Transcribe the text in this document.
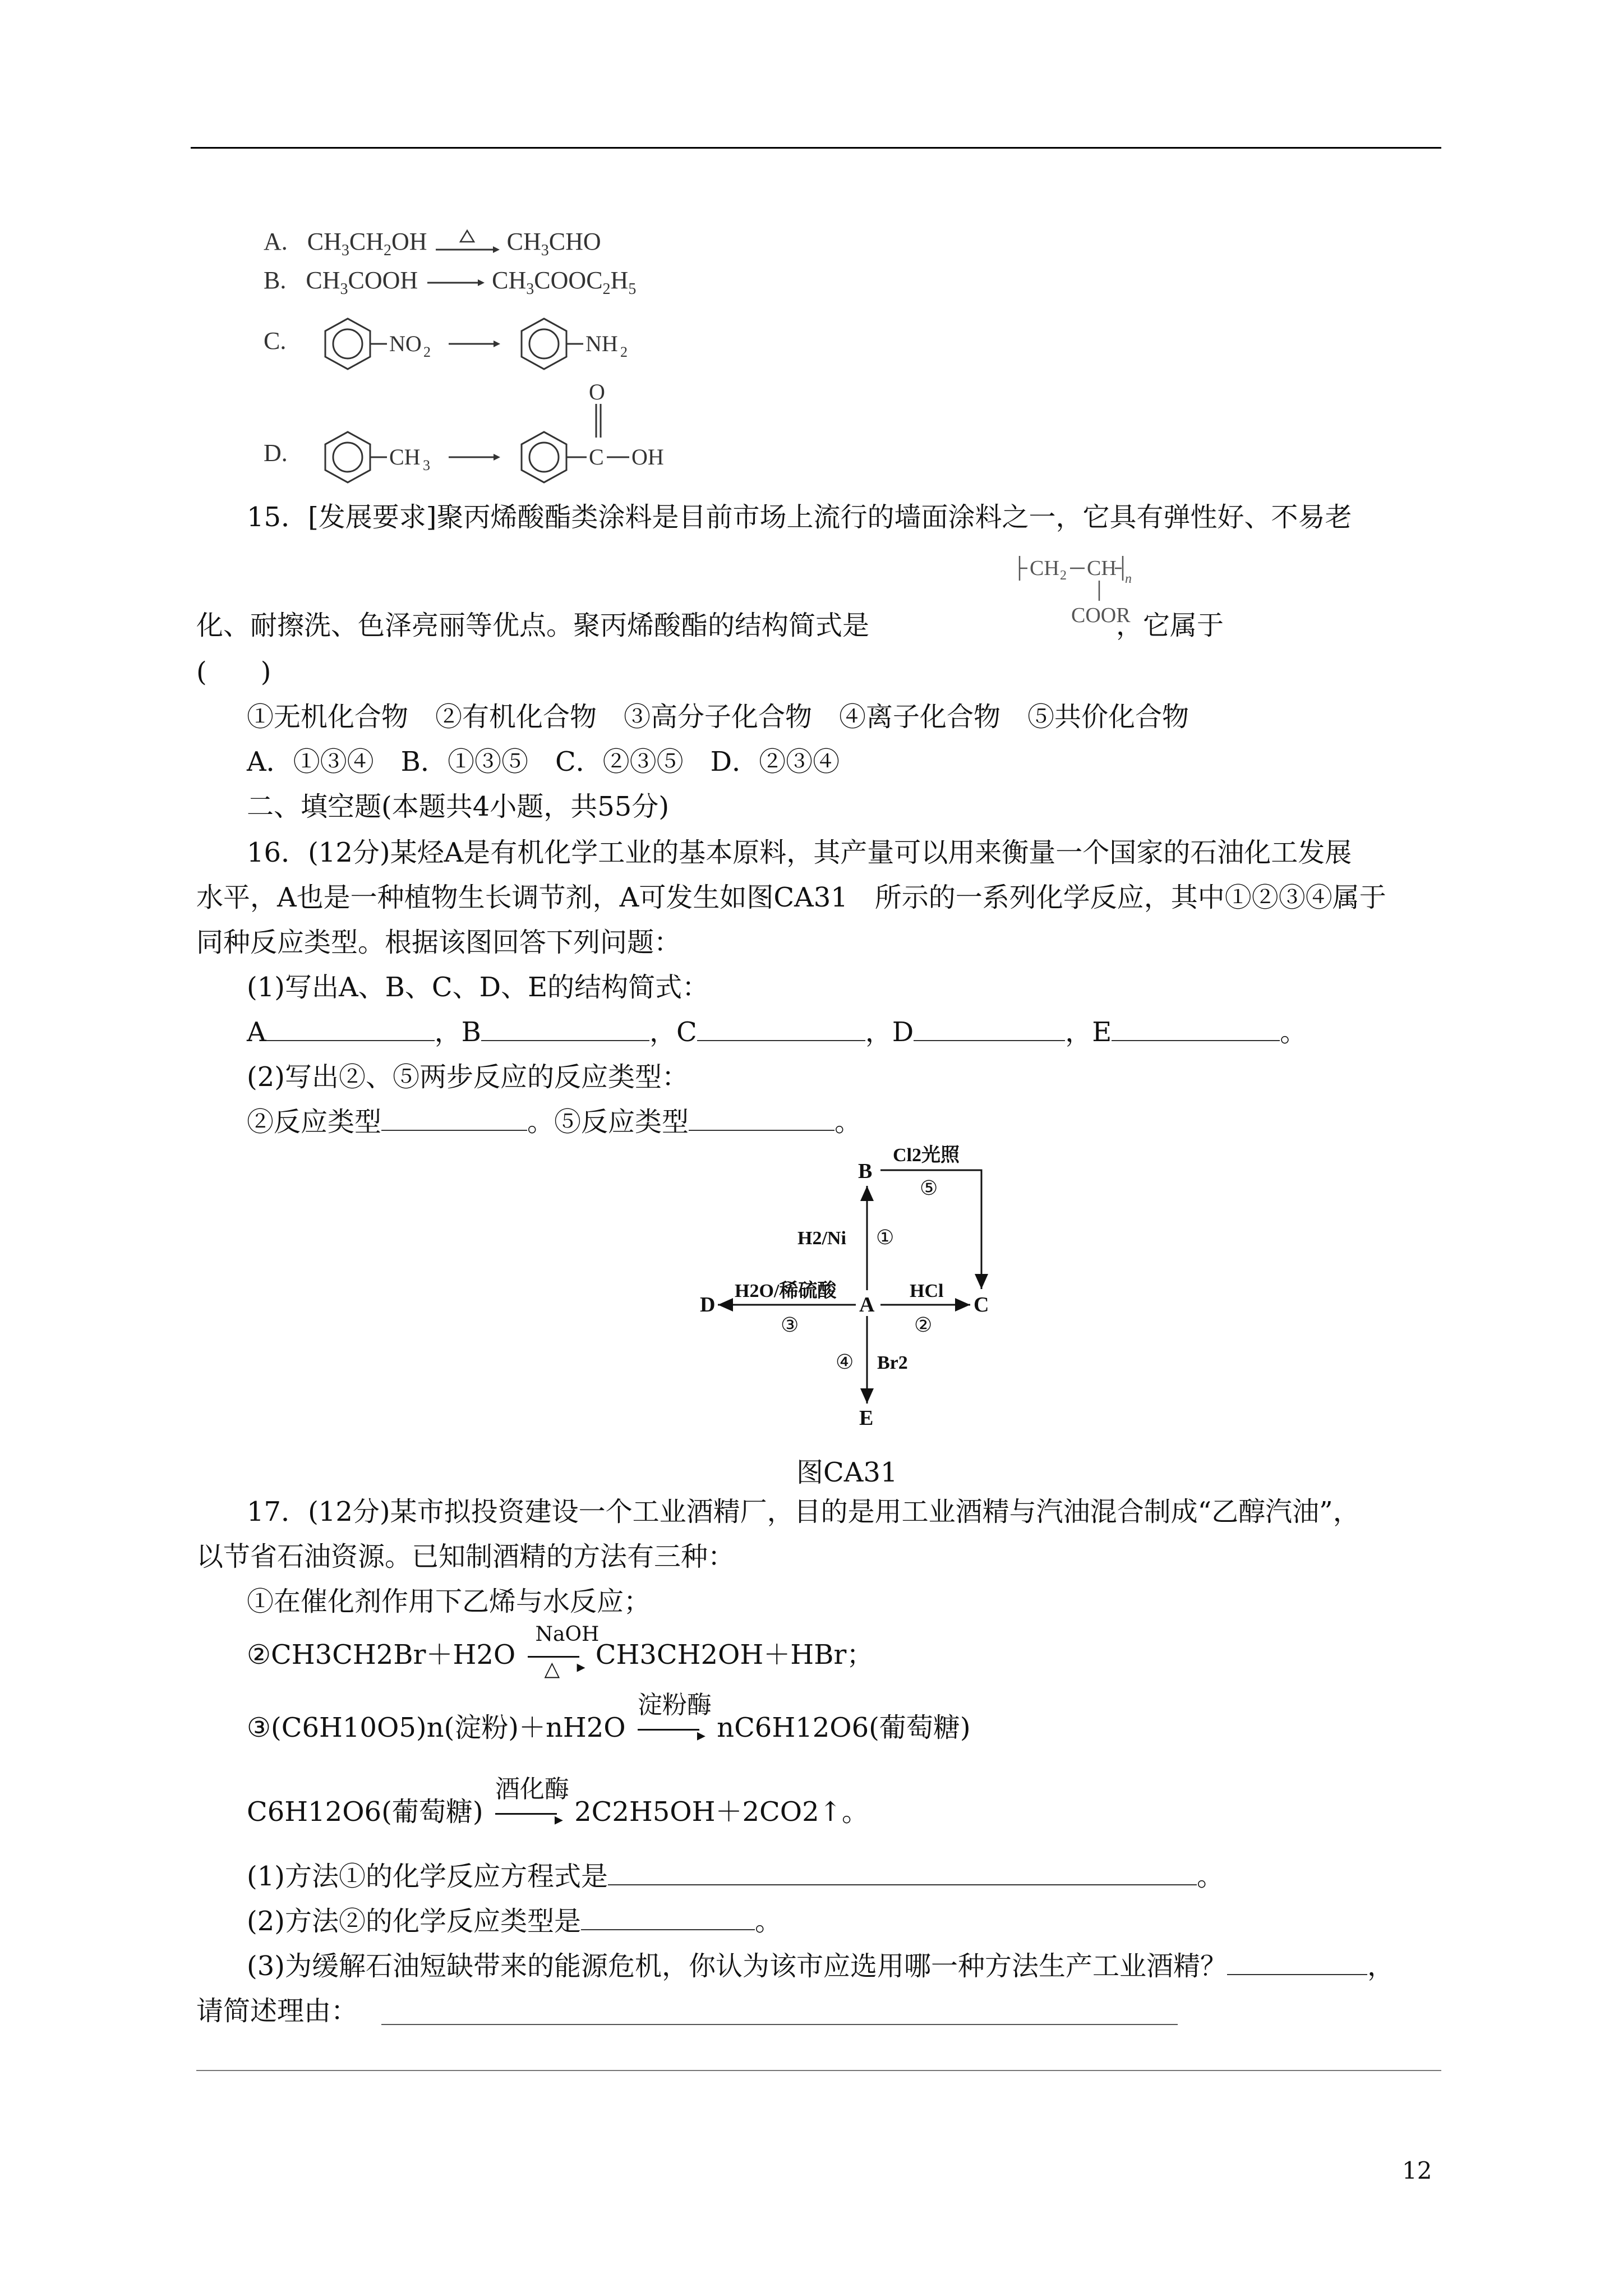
A. $CH_3CH_2OH$	$CH_3CHO$
B. $CH_3COOH$ → $CH_3COOC_2H_5$
C.	NO 2	NH 2
D.	CH 3	C
O
OH
15．[发展要求]聚丙烯酸酯类涂料是目前市场上流行的墙面涂料之一，它具有弹性好、不易老
CH 2 CH n
COOR
化、耐擦洗、色泽亮丽等优点。聚丙烯酸酯的结构简式是	，它属于
(　　)
①无机化合物　②有机化合物　③高分子化合物　④离子化合物　⑤共价化合物
A．①③④　B．①③⑤　C．②③⑤　D．②③④
二、填空题(本题共4小题，共55分)
16．(12分)某烃A是有机化学工业的基本原料，其产量可以用来衡量一个国家的石油化工发展
水平，A也是一种植物生长调节剂，A可发生如图CA31　所示的一系列化学反应，其中①②③④属于
同种反应类型。根据该图回答下列问题：
(1)写出A、B、C、D、E的结构简式：
A	，B	，C	，D	，E	。
(2)写出②、⑤两步反应的反应类型：
②反应类型	。⑤反应类型	。
B
A	C
D
E
H2/Ni ①
Cl2光照
⑤
HCl
②
H2O/稀硫酸
③
④ Br2
图CA31
17．(12分)某市拟投资建设一个工业酒精厂，目的是用工业酒精与汽油混合制成“乙醇汽油”，
以节省石油资源。已知制酒精的方法有三种：
①在催化剂作用下乙烯与水反应；
②CH3CH2Br＋H2O
NaOH
△ ▸ CH3CH2OH＋HBr；
③(C6H10O5)n(淀粉)＋nH2O
淀粉酶
▸ nC6H12O6(葡萄糖)
C6H12O6(葡萄糖)
酒化酶
▸ 2C2H5OH＋2CO2↑。
(1)方法①的化学反应方程式是	。
(2)方法②的化学反应类型是	。
(3)为缓解石油短缺带来的能源危机，你认为该市应选用哪一种方法生产工业酒精？	，
请简述理由：
12
